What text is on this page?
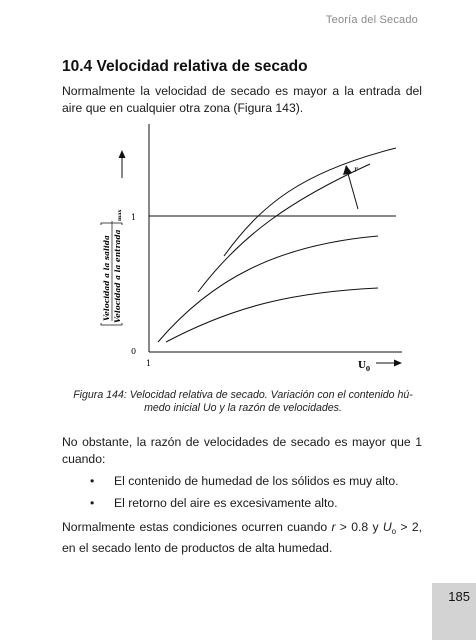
Teoría del Secado
10.4 Velocidad relativa de secado

Normalmente la velocidad de secado es mayor a la entrada del aire que en cualquier otra zona (Figura 143).

1
0
1
Velocidad a la salida Velocidad a la entrada
max
$U_0$
r

Figura 144: Velocidad relativa de secado. Variación con el contenido hú-
medo inicial Uo y la razón de velocidades.

No obstante, la razón de velocidades de secado es mayor que 1 cuando:

• El contenido de humedad de los sólidos es muy alto.
• El retorno del aire es excesivamente alto.

Normalmente estas condiciones ocurren cuando r > 0.8 y $U_o > 2$, en el secado lento de productos de alta humedad.

185
